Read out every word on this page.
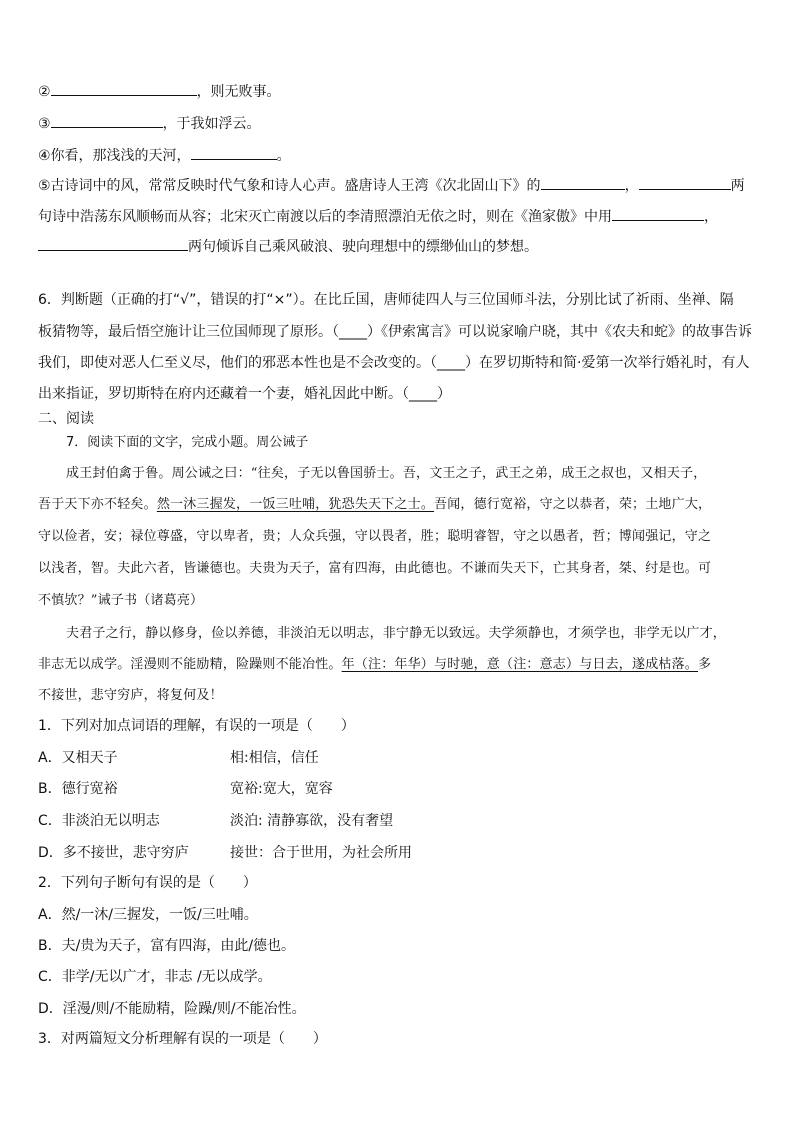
②	，则无败事。
③	，于我如浮云。
④你看，那浅浅的天河，	。
⑤古诗词中的风，常常反映时代气象和诗人心声。盛唐诗人王湾《次北固山下》的	，	两
句诗中浩荡东风顺畅而从容；北宋灭亡南渡以后的李清照漂泊无依之时，则在《渔家傲》中用	，
两句倾诉自己乘风破浪、驶向理想中的缥缈仙山的梦想。
6．判断题（正确的打“√”，错误的打“×”）。在比丘国，唐师徒四人与三位国师斗法，分别比试了祈雨、坐禅、隔
板猜物等，最后悟空施计让三位国师现了原形。（____）《伊索寓言》可以说家喻户晓，其中《农夫和蛇》的故事告诉
我们，即使对恶人仁至义尽，他们的邪恶本性也是不会改变的。（____）在罗切斯特和简·爱第一次举行婚礼时，有人
出来指证，罗切斯特在府内还藏着一个妻，婚礼因此中断。（____）
二、阅读
7．阅读下面的文字，完成小题。周公诫子
成王封伯禽于鲁。周公诫之曰：“往矣，子无以鲁国骄士。吾，文王之子，武王之弟，成王之叔也，又相天子，
吾于天下亦不轻矣。然一沐三握发，一饭三吐哺，犹恐失天下之士。吾闻，德行宽裕，守之以恭者，荣；土地广大，
守以俭者，安；禄位尊盛，守以卑者，贵；人众兵强，守以畏者，胜；聪明睿智，守之以愚者，哲；博闻强记，守之
以浅者，智。夫此六者，皆谦德也。夫贵为天子，富有四海，由此德也。不谦而失天下，亡其身者，桀、纣是也。可
不慎欤？”诫子书（诸葛亮）
夫君子之行，静以修身，俭以养德，非淡泊无以明志，非宁静无以致远。夫学须静也，才须学也，非学无以广才，
非志无以成学。淫漫则不能励精，险躁则不能冶性。年（注：年华）与时驰，意（注：意志）与日去，遂成枯落。多
不接世，悲守穷庐，将复何及！
1．下列对加点词语的理解，有误的一项是（　　）
A．又相天子	相:相信，信任
B．德行宽裕	宽裕:宽大，宽容
C．非淡泊无以明志	淡泊: 清静寡欲，没有奢望
D．多不接世，悲守穷庐	接世：合于世用，为社会所用
2．下列句子断句有误的是（　　）
A．然/一沐/三握发，一饭/三吐哺。
B．夫/贵为天子，富有四海，由此/德也。
C．非学/无以广才，非志 /无以成学。
D．淫漫/则/不能励精，险躁/则/不能冶性。
3．对两篇短文分析理解有误的一项是（　　）
